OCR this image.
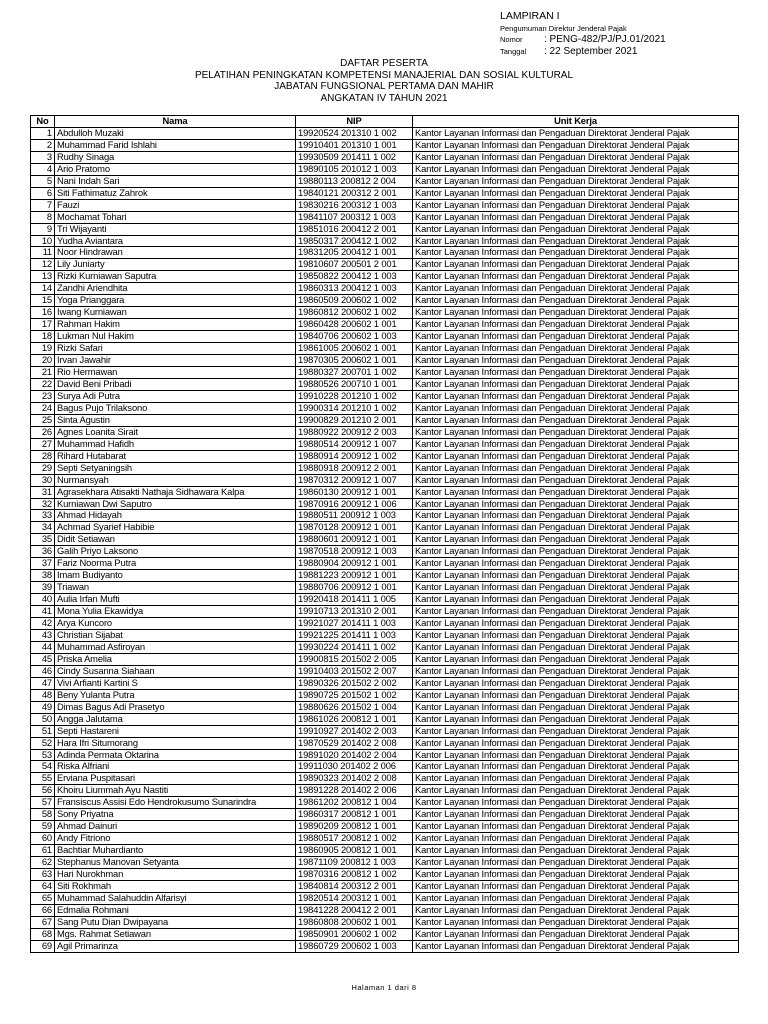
LAMPIRAN I
Pengumuman Direktur Jenderal Pajak
Nomor	: PENG-482/PJ/PJ.01/2021
Tanggal	: 22 September 2021
DAFTAR PESERTA
PELATIHAN PENINGKATAN KOMPETENSI MANAJERIAL DAN SOSIAL KULTURAL
JABATAN FUNGSIONAL PERTAMA DAN MAHIR
ANGKATAN IV TAHUN 2021
No	Nama	NIP	Unit Kerja
1	Abdulloh Muzaki	19920524 201310 1 002	Kantor Layanan Informasi dan Pengaduan Direktorat Jenderal Pajak
2	Muhammad Farid Ishlahi	19910401 201310 1 001	Kantor Layanan Informasi dan Pengaduan Direktorat Jenderal Pajak
3	Rudhy Sinaga	19930509 201411 1 002	Kantor Layanan Informasi dan Pengaduan Direktorat Jenderal Pajak
4	Ario Pratomo	19890105 201012 1 003	Kantor Layanan Informasi dan Pengaduan Direktorat Jenderal Pajak
5	Nani Indah Sari	19880113 200812 2 004	Kantor Layanan Informasi dan Pengaduan Direktorat Jenderal Pajak
6	Siti Fathimatuz Zahrok	19840121 200312 2 001	Kantor Layanan Informasi dan Pengaduan Direktorat Jenderal Pajak
7	Fauzi	19830216 200312 1 003	Kantor Layanan Informasi dan Pengaduan Direktorat Jenderal Pajak
8	Mochamat Tohari	19841107 200312 1 003	Kantor Layanan Informasi dan Pengaduan Direktorat Jenderal Pajak
9	Tri Wijayanti	19851016 200412 2 001	Kantor Layanan Informasi dan Pengaduan Direktorat Jenderal Pajak
10	Yudha Aviantara	19850317 200412 1 002	Kantor Layanan Informasi dan Pengaduan Direktorat Jenderal Pajak
11	Noor Hindrawan	19831205 200412 1 001	Kantor Layanan Informasi dan Pengaduan Direktorat Jenderal Pajak
12	Lily Juniarty	19810607 200501 2 001	Kantor Layanan Informasi dan Pengaduan Direktorat Jenderal Pajak
13	Rizki Kurniawan Saputra	19850822 200412 1 003	Kantor Layanan Informasi dan Pengaduan Direktorat Jenderal Pajak
14	Zandhi Ariendhita	19860313 200412 1 003	Kantor Layanan Informasi dan Pengaduan Direktorat Jenderal Pajak
15	Yoga Prianggara	19860509 200602 1 002	Kantor Layanan Informasi dan Pengaduan Direktorat Jenderal Pajak
16	Iwang Kurniawan	19860812 200602 1 002	Kantor Layanan Informasi dan Pengaduan Direktorat Jenderal Pajak
17	Rahman Hakim	19860428 200602 1 001	Kantor Layanan Informasi dan Pengaduan Direktorat Jenderal Pajak
18	Lukman Nul Hakim	19840706 200602 1 003	Kantor Layanan Informasi dan Pengaduan Direktorat Jenderal Pajak
19	Rizki Safari	19861005 200602 1 001	Kantor Layanan Informasi dan Pengaduan Direktorat Jenderal Pajak
20	Irvan Jawahir	19870305 200602 1 001	Kantor Layanan Informasi dan Pengaduan Direktorat Jenderal Pajak
21	Rio Hermawan	19880327 200701 1 002	Kantor Layanan Informasi dan Pengaduan Direktorat Jenderal Pajak
22	David Beni Pribadi	19880526 200710 1 001	Kantor Layanan Informasi dan Pengaduan Direktorat Jenderal Pajak
23	Surya Adi Putra	19910228 201210 1 002	Kantor Layanan Informasi dan Pengaduan Direktorat Jenderal Pajak
24	Bagus Pujo Trilaksono	19900314 201210 1 002	Kantor Layanan Informasi dan Pengaduan Direktorat Jenderal Pajak
25	Sinta Agustin	19900829 201210 2 001	Kantor Layanan Informasi dan Pengaduan Direktorat Jenderal Pajak
26	Agnes Loanita Sirait	19880922 200912 2 003	Kantor Layanan Informasi dan Pengaduan Direktorat Jenderal Pajak
27	Muhammad Hafidh	19880514 200912 1 007	Kantor Layanan Informasi dan Pengaduan Direktorat Jenderal Pajak
28	Rihard Hutabarat	19880914 200912 1 002	Kantor Layanan Informasi dan Pengaduan Direktorat Jenderal Pajak
29	Septi Setyaningsih	19880918 200912 2 001	Kantor Layanan Informasi dan Pengaduan Direktorat Jenderal Pajak
30	Nurmansyah	19870312 200912 1 007	Kantor Layanan Informasi dan Pengaduan Direktorat Jenderal Pajak
31	Agrasekhara Atisakti Nathaja Sidhawara Kalpa	19860130 200912 1 001	Kantor Layanan Informasi dan Pengaduan Direktorat Jenderal Pajak
32	Kurniawan Dwi Saputro	19870916 200912 1 006	Kantor Layanan Informasi dan Pengaduan Direktorat Jenderal Pajak
33	Ahmad Hidayah	19880511 200912 1 003	Kantor Layanan Informasi dan Pengaduan Direktorat Jenderal Pajak
34	Achmad Syarief Habibie	19870128 200912 1 001	Kantor Layanan Informasi dan Pengaduan Direktorat Jenderal Pajak
35	Didit Setiawan	19880601 200912 1 001	Kantor Layanan Informasi dan Pengaduan Direktorat Jenderal Pajak
36	Galih Priyo Laksono	19870518 200912 1 003	Kantor Layanan Informasi dan Pengaduan Direktorat Jenderal Pajak
37	Fariz Noorma Putra	19880904 200912 1 001	Kantor Layanan Informasi dan Pengaduan Direktorat Jenderal Pajak
38	Imam Budiyanto	19881223 200912 1 001	Kantor Layanan Informasi dan Pengaduan Direktorat Jenderal Pajak
39	Triawan	19880706 200912 1 001	Kantor Layanan Informasi dan Pengaduan Direktorat Jenderal Pajak
40	Aulia Irfan Mufti	19920418 201411 1 005	Kantor Layanan Informasi dan Pengaduan Direktorat Jenderal Pajak
41	Mona Yulia Ekawidya	19910713 201310 2 001	Kantor Layanan Informasi dan Pengaduan Direktorat Jenderal Pajak
42	Arya Kuncoro	19921027 201411 1 003	Kantor Layanan Informasi dan Pengaduan Direktorat Jenderal Pajak
43	Christian Sijabat	19921225 201411 1 003	Kantor Layanan Informasi dan Pengaduan Direktorat Jenderal Pajak
44	Muhammad Asfiroyan	19930224 201411 1 002	Kantor Layanan Informasi dan Pengaduan Direktorat Jenderal Pajak
45	Priska Amelia	19900815 201502 2 005	Kantor Layanan Informasi dan Pengaduan Direktorat Jenderal Pajak
46	Cindy Susanna Siahaan	19910403 201502 2 007	Kantor Layanan Informasi dan Pengaduan Direktorat Jenderal Pajak
47	Vivi Arfianti Kartini S	19890326 201502 2 002	Kantor Layanan Informasi dan Pengaduan Direktorat Jenderal Pajak
48	Beny Yulanta Putra	19890725 201502 1 002	Kantor Layanan Informasi dan Pengaduan Direktorat Jenderal Pajak
49	Dimas Bagus Adi Prasetyo	19880626 201502 1 004	Kantor Layanan Informasi dan Pengaduan Direktorat Jenderal Pajak
50	Angga Jalutama	19861026 200812 1 001	Kantor Layanan Informasi dan Pengaduan Direktorat Jenderal Pajak
51	Septi Hastareni	19910927 201402 2 003	Kantor Layanan Informasi dan Pengaduan Direktorat Jenderal Pajak
52	Hara Ifri Situmorang	19870529 201402 2 008	Kantor Layanan Informasi dan Pengaduan Direktorat Jenderal Pajak
53	Adinda Permata Oktarina	19891020 201402 2 004	Kantor Layanan Informasi dan Pengaduan Direktorat Jenderal Pajak
54	Riska Alfriani	19911030 201402 2 006	Kantor Layanan Informasi dan Pengaduan Direktorat Jenderal Pajak
55	Erviana Puspitasari	19890323 201402 2 008	Kantor Layanan Informasi dan Pengaduan Direktorat Jenderal Pajak
56	Khoiru Liummah Ayu Nastiti	19891228 201402 2 006	Kantor Layanan Informasi dan Pengaduan Direktorat Jenderal Pajak
57	Fransiscus Assisi Edo Hendrokusumo Sunarindra	19861202 200812 1 004	Kantor Layanan Informasi dan Pengaduan Direktorat Jenderal Pajak
58	Sony Priyatna	19860317 200812 1 001	Kantor Layanan Informasi dan Pengaduan Direktorat Jenderal Pajak
59	Ahmad Dainuri	19890209 200812 1 001	Kantor Layanan Informasi dan Pengaduan Direktorat Jenderal Pajak
60	Andy Fitriono	19880517 200812 1 002	Kantor Layanan Informasi dan Pengaduan Direktorat Jenderal Pajak
61	Bachtiar Muhardianto	19860905 200812 1 001	Kantor Layanan Informasi dan Pengaduan Direktorat Jenderal Pajak
62	Stephanus Manovan Setyanta	19871109 200812 1 003	Kantor Layanan Informasi dan Pengaduan Direktorat Jenderal Pajak
63	Hari Nurokhman	19870316 200812 1 002	Kantor Layanan Informasi dan Pengaduan Direktorat Jenderal Pajak
64	Siti Rokhmah	19840814 200312 2 001	Kantor Layanan Informasi dan Pengaduan Direktorat Jenderal Pajak
65	Muhammad Salahuddin Alfarisyi	19820514 200312 1 001	Kantor Layanan Informasi dan Pengaduan Direktorat Jenderal Pajak
66	Edmalia Rohmani	19841228 200412 2 001	Kantor Layanan Informasi dan Pengaduan Direktorat Jenderal Pajak
67	Sang Putu Dian Dwipayana	19860808 200602 1 001	Kantor Layanan Informasi dan Pengaduan Direktorat Jenderal Pajak
68	Mgs. Rahmat Setiawan	19850901 200602 1 002	Kantor Layanan Informasi dan Pengaduan Direktorat Jenderal Pajak
69	Agil Primarinza	19860729 200602 1 003	Kantor Layanan Informasi dan Pengaduan Direktorat Jenderal Pajak
Halaman 1 dari 8
